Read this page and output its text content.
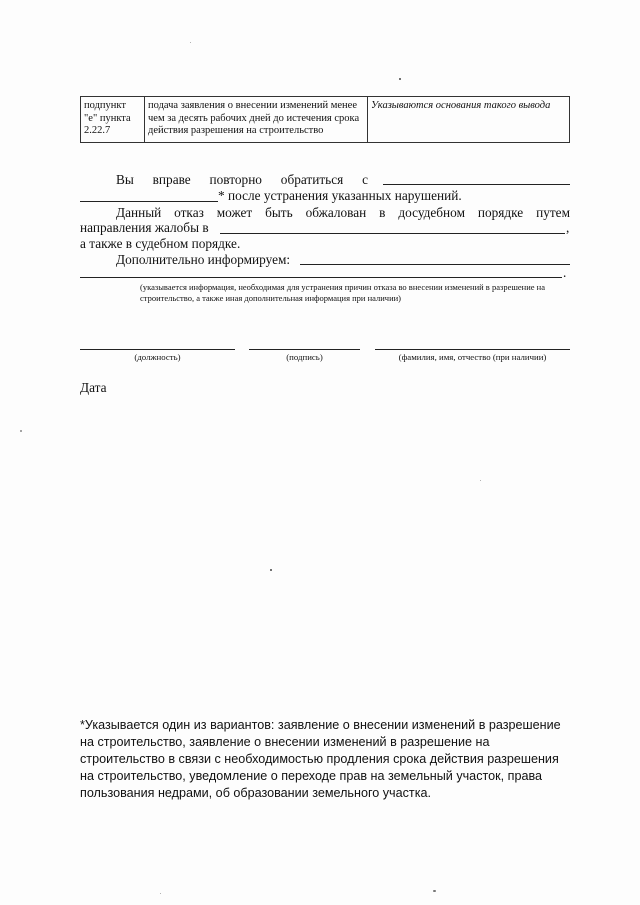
подпункт "е" пункта 2.22.7	подача заявления о внесении изменений менее чем за десять рабочих дней до истечения срока действия разрешения на строительство	Указываются основания такого вывода
Вы вправе повторно обратиться с
* после устранения указанных нарушений.
Данный отказ может быть обжалован в досудебном порядке путем
направления жалобы в	,
а также в судебном порядке.
Дополнительно информируем:
.
(указывается информация, необходимая для устранения причин отказа во внесении изменений в разрешение на строительство, а также иная дополнительная информация при наличии)
(должность)	(подпись)	(фамилия, имя, отчество (при наличии)
Дата
*Указывается один из вариантов: заявление о внесении изменений в разрешение на строительство, заявление о внесении изменений в разрешение на строительство в связи с необходимостью продления срока действия разрешения на строительство, уведомление о переходе прав на земельный участок, права пользования недрами, об образовании земельного участка.
